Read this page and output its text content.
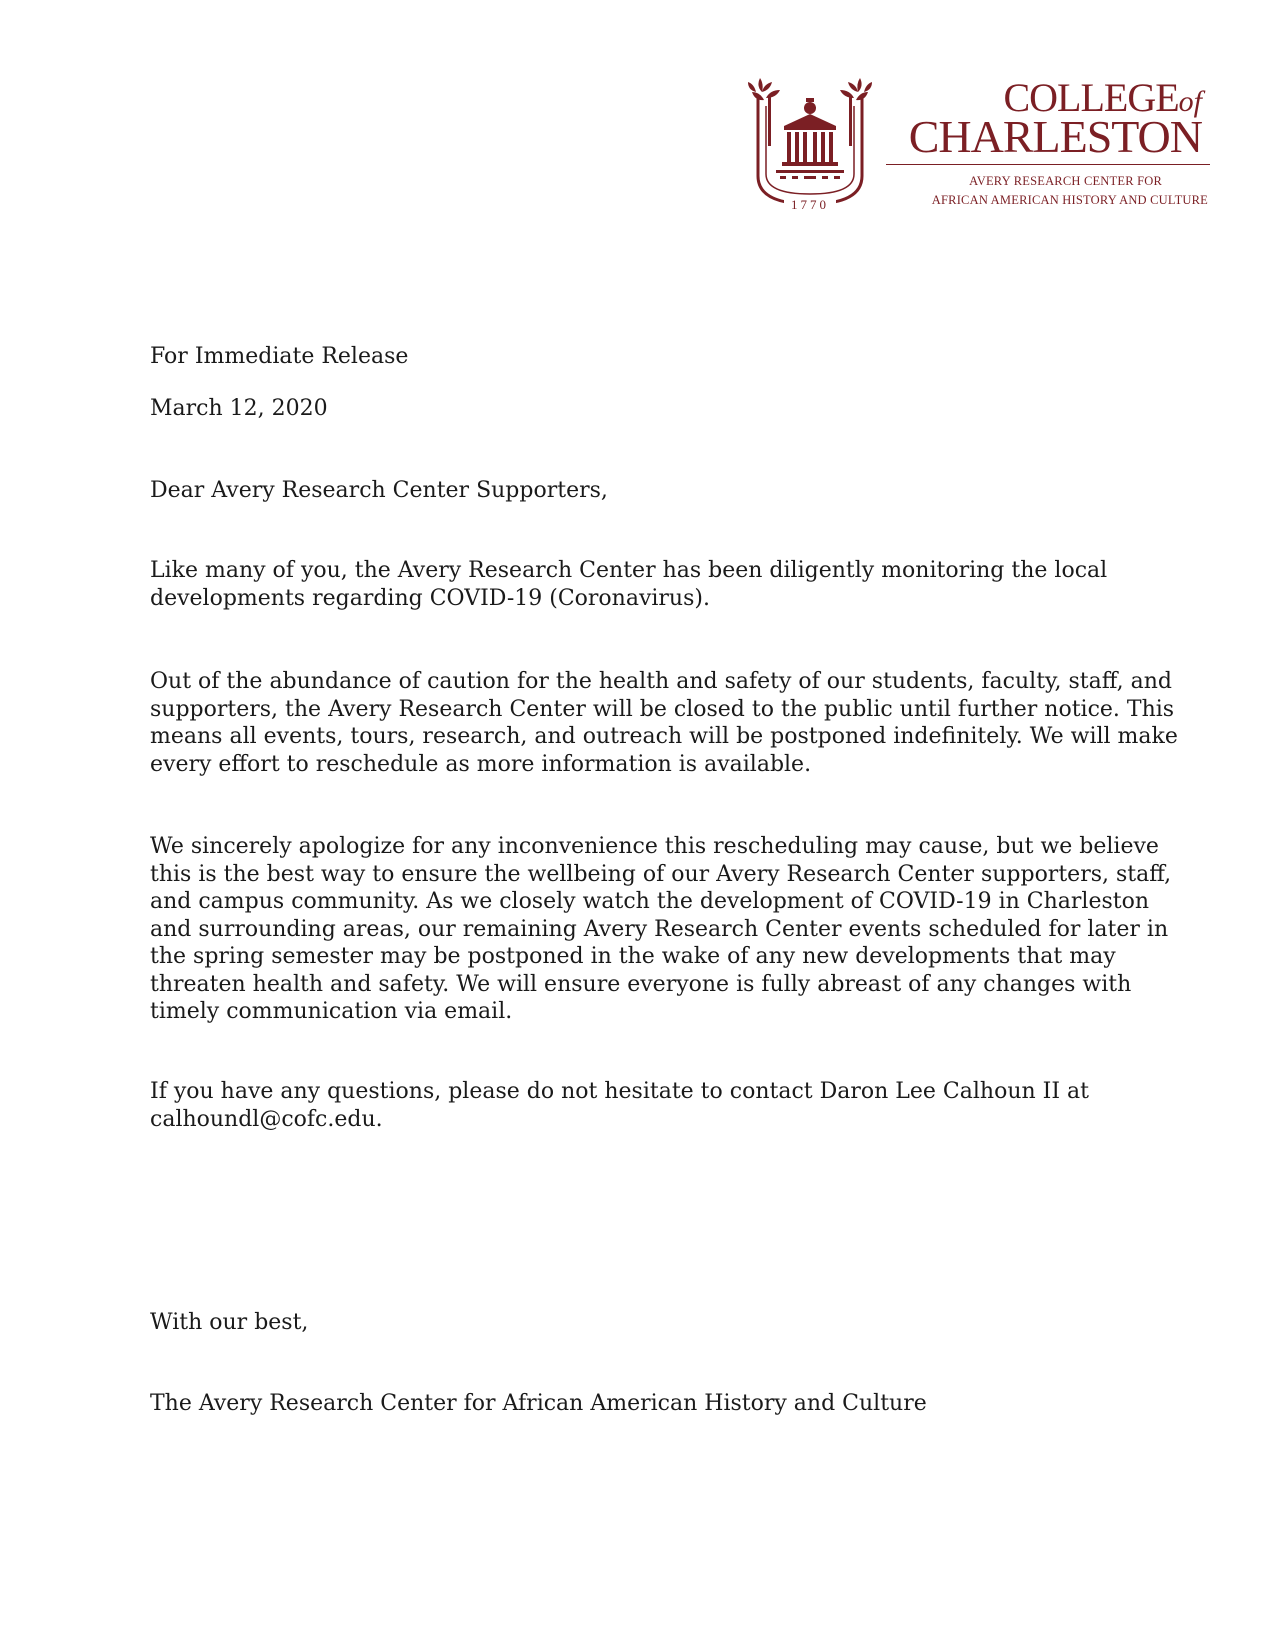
1770
COLLEGEof
CHARLESTON
AVERY RESEARCH CENTER FOR
AFRICAN AMERICAN HISTORY AND CULTURE

For Immediate Release

March 12, 2020

Dear Avery Research Center Supporters,

Like many of you, the Avery Research Center has been diligently monitoring the local developments regarding COVID-19 (Coronavirus).

Out of the abundance of caution for the health and safety of our students, faculty, staff, and supporters, the Avery Research Center will be closed to the public until further notice. This means all events, tours, research, and outreach will be postponed indefinitely. We will make every effort to reschedule as more information is available.

We sincerely apologize for any inconvenience this rescheduling may cause, but we believe this is the best way to ensure the wellbeing of our Avery Research Center supporters, staff, and campus community. As we closely watch the development of COVID-19 in Charleston and surrounding areas, our remaining Avery Research Center events scheduled for later in the spring semester may be postponed in the wake of any new developments that may threaten health and safety. We will ensure everyone is fully abreast of any changes with timely communication via email.

If you have any questions, please do not hesitate to contact Daron Lee Calhoun II at calhoundl@cofc.edu.

With our best,

The Avery Research Center for African American History and Culture
